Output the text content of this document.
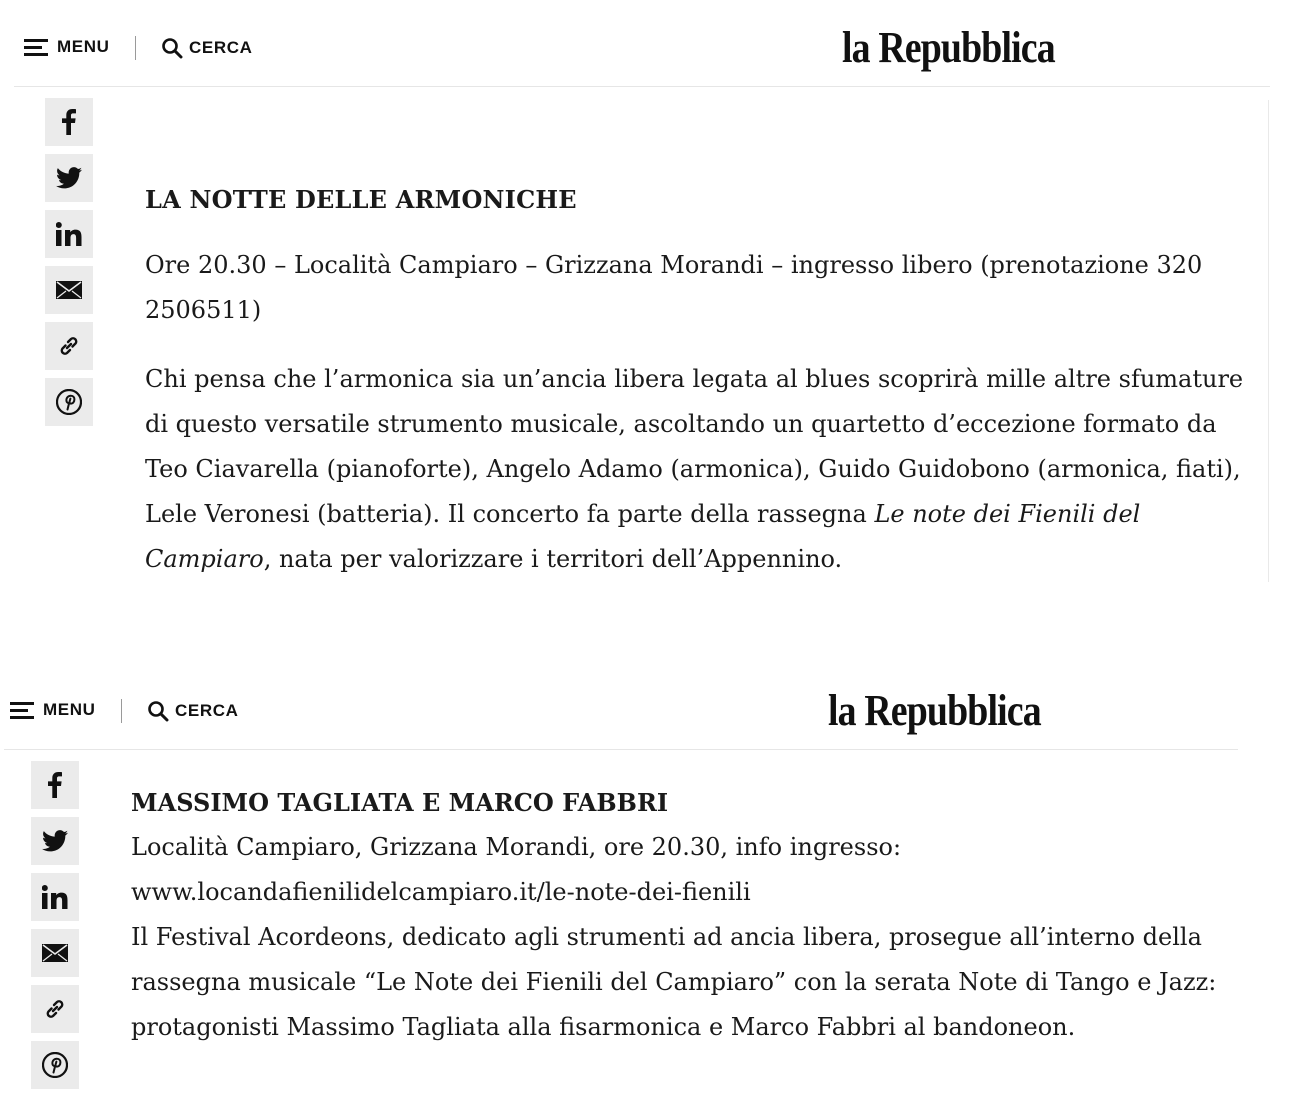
MENU	CERCA	la Repubblica
LA NOTTE DELLE ARMONICHE

Ore 20.30 – Località Campiaro – Grizzana Morandi – ingresso libero (prenotazione 320 2506511)

Chi pensa che l’armonica sia un’ancia libera legata al blues scoprirà mille altre sfumature di questo versatile strumento musicale, ascoltando un quartetto d’eccezione formato da Teo Ciavarella (pianoforte), Angelo Adamo (armonica), Guido Guidobono (armonica, fiati), Lele Veronesi (batteria). Il concerto fa parte della rassegna Le note dei Fienili del Campiaro, nata per valorizzare i territori dell’Appennino.

MENU	CERCA	la Repubblica
MASSIMO TAGLIATA E MARCO FABBRI

Località Campiaro, Grizzana Morandi, ore 20.30, info ingresso:

www.locandafienilidelcampiaro.it/le-note-dei-fienili

Il Festival Acordeons, dedicato agli strumenti ad ancia libera, prosegue all’interno della rassegna musicale “Le Note dei Fienili del Campiaro” con la serata Note di Tango e Jazz: protagonisti Massimo Tagliata alla fisarmonica e Marco Fabbri al bandoneon.
